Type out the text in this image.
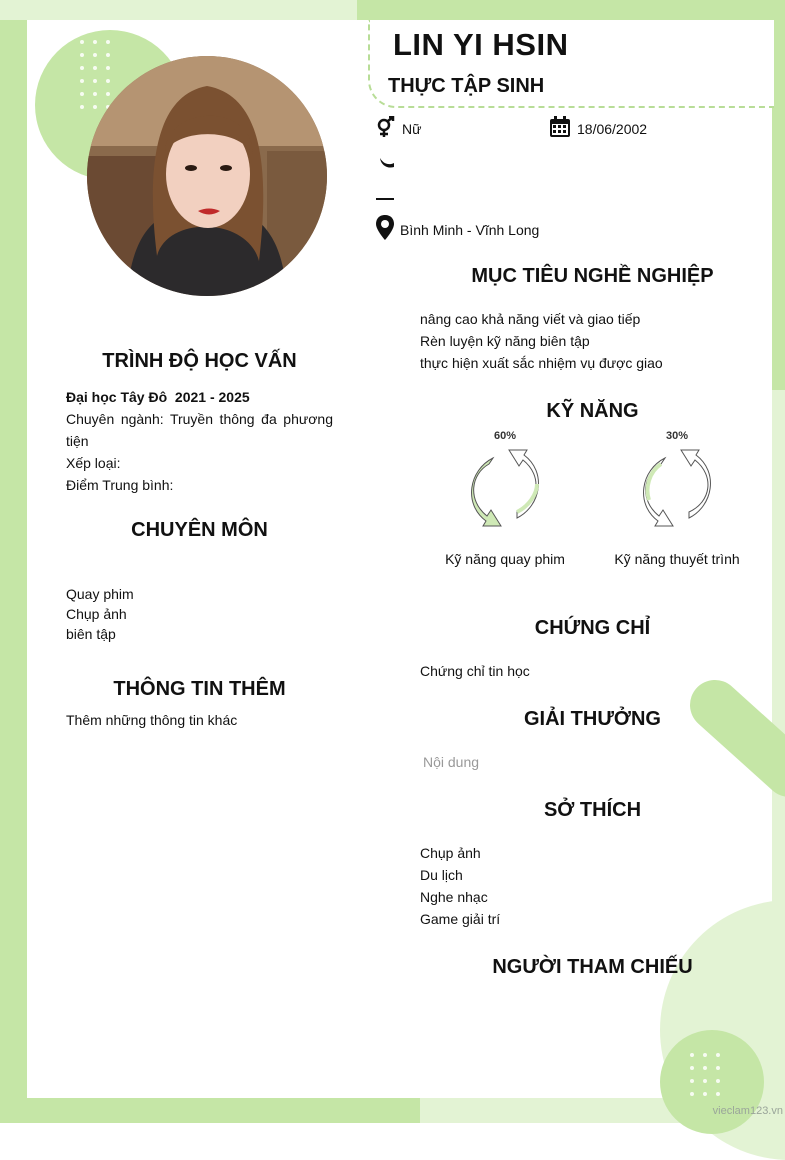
LIN YI HSIN
THỰC TẬP SINH
Nữ	18/06/2002
Bình Minh - Vĩnh Long
TRÌNH ĐỘ HỌC VẤN
Đại học Tây Đô 2021 - 2025
Chuyên ngành: Truyền thông đa phương tiện
Xếp loại:
Điểm Trung bình:
CHUYÊN MÔN
Quay phim
Chụp ảnh
biên tập
THÔNG TIN THÊM
Thêm những thông tin khác
MỤC TIÊU NGHỀ NGHIỆP
nâng cao khả năng viết và giao tiếp
Rèn luyện kỹ năng biên tập
thực hiện xuất sắc nhiệm vụ được giao
KỸ NĂNG
60%
Kỹ năng quay phim
30%
Kỹ năng thuyết trình
CHỨNG CHỈ
Chứng chỉ tin học
GIẢI THƯỞNG
Nội dung
SỞ THÍCH
Chụp ảnh
Du lịch
Nghe nhạc
Game giải trí
NGƯỜI THAM CHIẾU
vieclam123.vn
